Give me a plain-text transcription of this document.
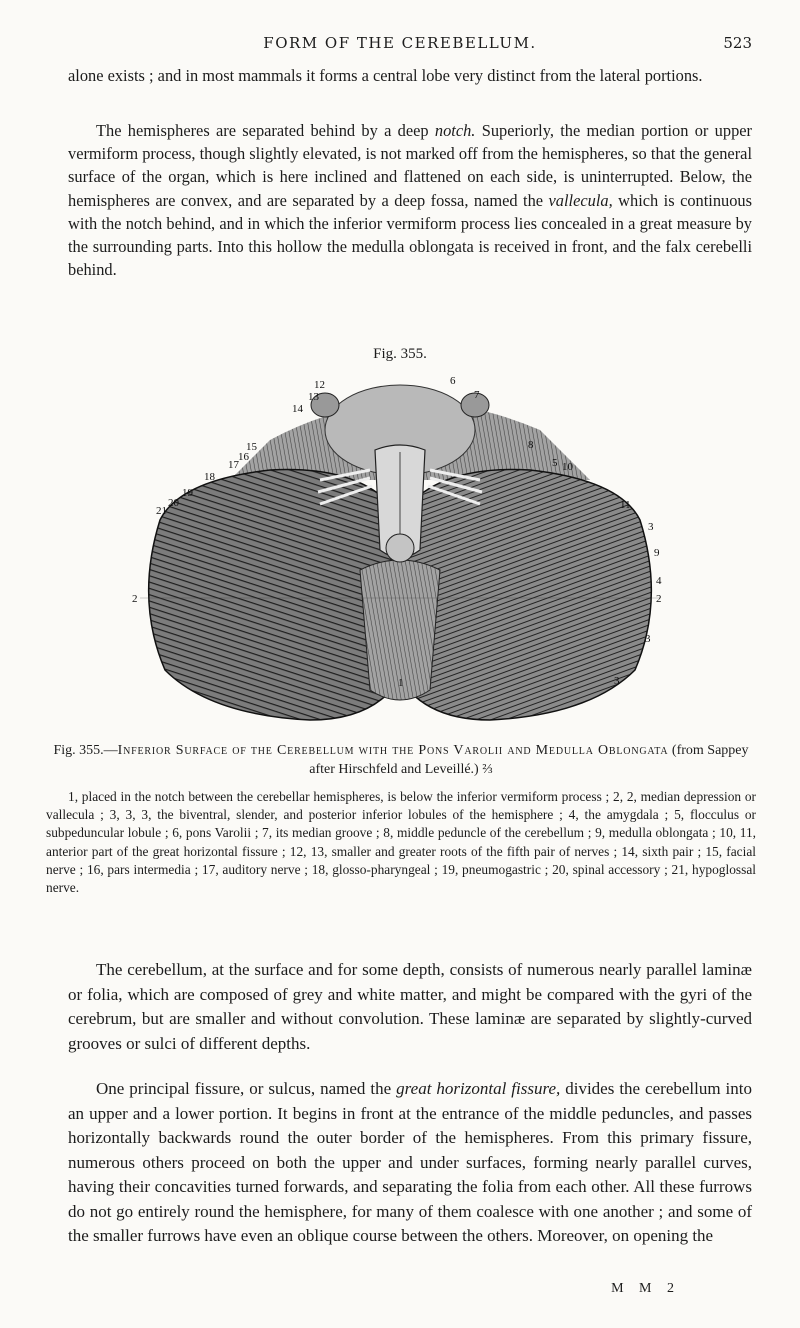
FORM OF THE CEREBELLUM.	523

alone exists ; and in most mammals it forms a central lobe very distinct from the lateral portions.

The hemispheres are separated behind by a deep notch. Superiorly, the median portion or upper vermiform process, though slightly elevated, is not marked off from the hemispheres, so that the general surface of the organ, which is here inclined and flattened on each side, is uninterrupted. Below, the hemispheres are convex, and are separated by a deep fossa, named the vallecula, which is continuous with the notch behind, and in which the inferior vermiform process lies concealed in a great measure by the surrounding parts. Into this hollow the medulla oblongata is received in front, and the falx cerebelli behind.

Fig. 355.
1
2	2
3
3
3
4
5
6
7
8
9
10
11
12
13
14
15
16
17
18
19
20
21
Fig. 355.—Inferior Surface of the Cerebellum with the Pons Varolii and Medulla Oblongata (from Sappey after Hirschfeld and Leveillé.) ⅔

1, placed in the notch between the cerebellar hemispheres, is below the inferior vermiform process ; 2, 2, median depression or vallecula ; 3, 3, 3, the biventral, slender, and posterior inferior lobules of the hemisphere ; 4, the amygdala ; 5, flocculus or subpeduncular lobule ; 6, pons Varolii ; 7, its median groove ; 8, middle peduncle of the cerebellum ; 9, medulla oblongata ; 10, 11, anterior part of the great horizontal fissure ; 12, 13, smaller and greater roots of the fifth pair of nerves ; 14, sixth pair ; 15, facial nerve ; 16, pars intermedia ; 17, auditory nerve ; 18, glosso-pharyngeal ; 19, pneumogastric ; 20, spinal accessory ; 21, hypoglossal nerve.

The cerebellum, at the surface and for some depth, consists of numerous nearly parallel laminæ or folia, which are composed of grey and white matter, and might be compared with the gyri of the cerebrum, but are smaller and without convolution. These laminæ are separated by slightly-curved grooves or sulci of different depths.

One principal fissure, or sulcus, named the great horizontal fissure, divides the cerebellum into an upper and a lower portion. It begins in front at the entrance of the middle peduncles, and passes horizontally backwards round the outer border of the hemispheres. From this primary fissure, numerous others proceed on both the upper and under surfaces, forming nearly parallel curves, having their concavities turned forwards, and separating the folia from each other. All these furrows do not go entirely round the hemisphere, for many of them coalesce with one another ; and some of the smaller furrows have even an oblique course between the others. Moreover, on opening the

M M 2
